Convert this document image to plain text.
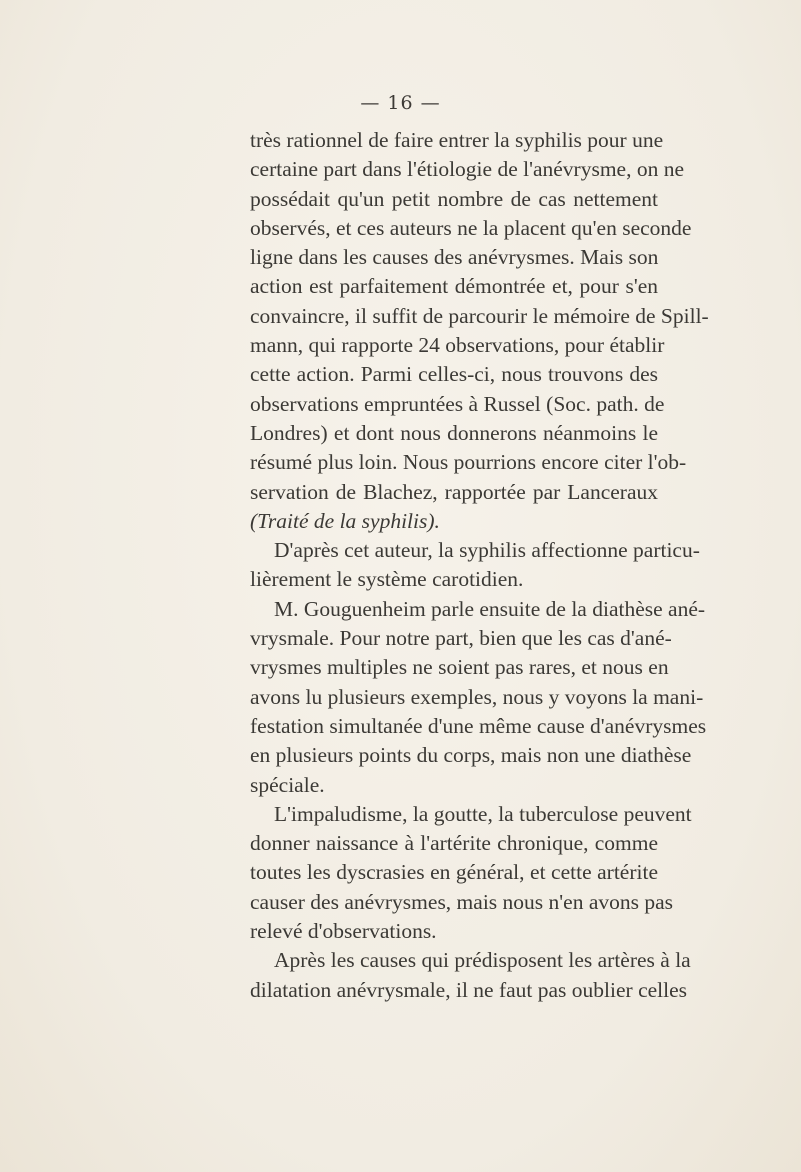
— 16 —
très rationnel de faire entrer la syphilis pour une
certaine part dans l'étiologie de l'anévrysme, on ne
possédait qu'un petit nombre de cas nettement
observés, et ces auteurs ne la placent qu'en seconde
ligne dans les causes des anévrysmes. Mais son
action est parfaitement démontrée et, pour s'en
convaincre, il suffit de parcourir le mémoire de Spill-
mann, qui rapporte 24 observations, pour établir
cette action. Parmi celles-ci, nous trouvons des
observations empruntées à Russel (Soc. path. de
Londres) et dont nous donnerons néanmoins le
résumé plus loin. Nous pourrions encore citer l'ob-
servation de Blachez, rapportée par Lanceraux
(Traité de la syphilis).
D'après cet auteur, la syphilis affectionne particu-
lièrement le système carotidien.
M. Gouguenheim parle ensuite de la diathèse ané-
vrysmale. Pour notre part, bien que les cas d'ané-
vrysmes multiples ne soient pas rares, et nous en
avons lu plusieurs exemples, nous y voyons la mani-
festation simultanée d'une même cause d'anévrysmes
en plusieurs points du corps, mais non une diathèse
spéciale.
L'impaludisme, la goutte, la tuberculose peuvent
donner naissance à l'artérite chronique, comme
toutes les dyscrasies en général, et cette artérite
causer des anévrysmes, mais nous n'en avons pas
relevé d'observations.
Après les causes qui prédisposent les artères à la
dilatation anévrysmale, il ne faut pas oublier celles
